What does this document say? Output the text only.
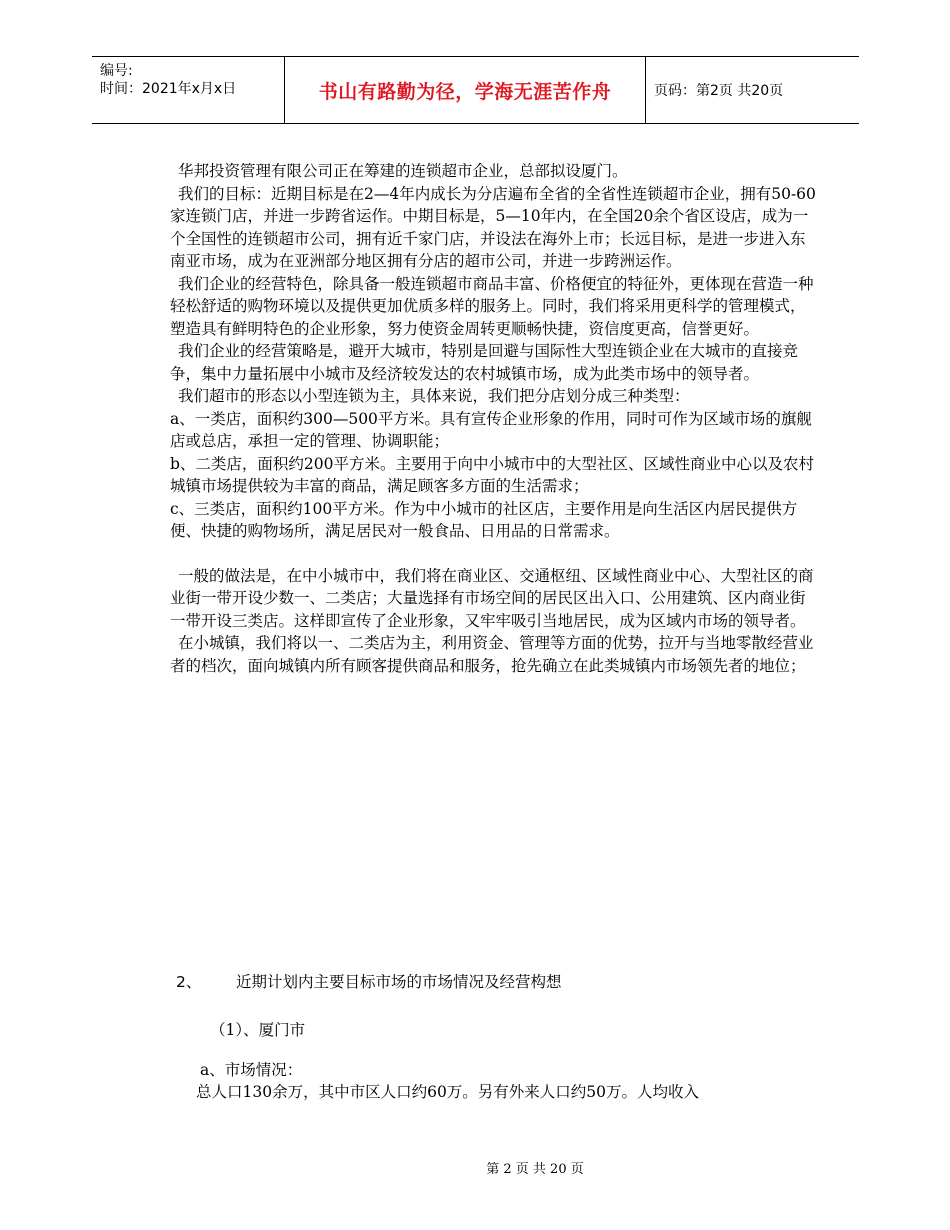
编号:
时间：2021年x月x日	书山有路勤为径，学海无涯苦作舟	页码：第2页 共20页

华邦投资管理有限公司正在筹建的连锁超市企业，总部拟设厦门。

我们的目标：近期目标是在2—4年内成长为分店遍布全省的全省性连锁超市企业，拥有50-60家连锁门店，并进一步跨省运作。中期目标是，5—10年内，在全国20余个省区设店，成为一个全国性的连锁超市公司，拥有近千家门店，并设法在海外上市；长远目标，是进一步进入东南亚市场，成为在亚洲部分地区拥有分店的超市公司，并进一步跨洲运作。

我们企业的经营特色，除具备一般连锁超市商品丰富、价格便宜的特征外，更体现在营造一种轻松舒适的购物环境以及提供更加优质多样的服务上。同时，我们将采用更科学的管理模式，塑造具有鲜明特色的企业形象，努力使资金周转更顺畅快捷，资信度更高，信誉更好。

我们企业的经营策略是，避开大城市，特别是回避与国际性大型连锁企业在大城市的直接竞争，集中力量拓展中小城市及经济较发达的农村城镇市场，成为此类市场中的领导者。

我们超市的形态以小型连锁为主，具体来说，我们把分店划分成三种类型：

a、一类店，面积约300—500平方米。具有宣传企业形象的作用，同时可作为区域市场的旗舰店或总店，承担一定的管理、协调职能；

b、二类店，面积约200平方米。主要用于向中小城市中的大型社区、区域性商业中心以及农村城镇市场提供较为丰富的商品，满足顾客多方面的生活需求；

c、三类店，面积约100平方米。作为中小城市的社区店，主要作用是向生活区内居民提供方便、快捷的购物场所，满足居民对一般食品、日用品的日常需求。

一般的做法是，在中小城市中，我们将在商业区、交通枢纽、区域性商业中心、大型社区的商业街一带开设少数一、二类店；大量选择有市场空间的居民区出入口、公用建筑、区内商业街一带开设三类店。这样即宣传了企业形象，又牢牢吸引当地居民，成为区域内市场的领导者。

在小城镇，我们将以一、二类店为主，利用资金、管理等方面的优势，拉开与当地零散经营业者的档次，面向城镇内所有顾客提供商品和服务，抢先确立在此类城镇内市场领先者的地位；

2、 近期计划内主要目标市场的市场情况及经营构想
（1）、厦门市
a、市场情况：
总人口130余万，其中市区人口约60万。另有外来人口约50万。人均收入
第 2 页 共 20 页
